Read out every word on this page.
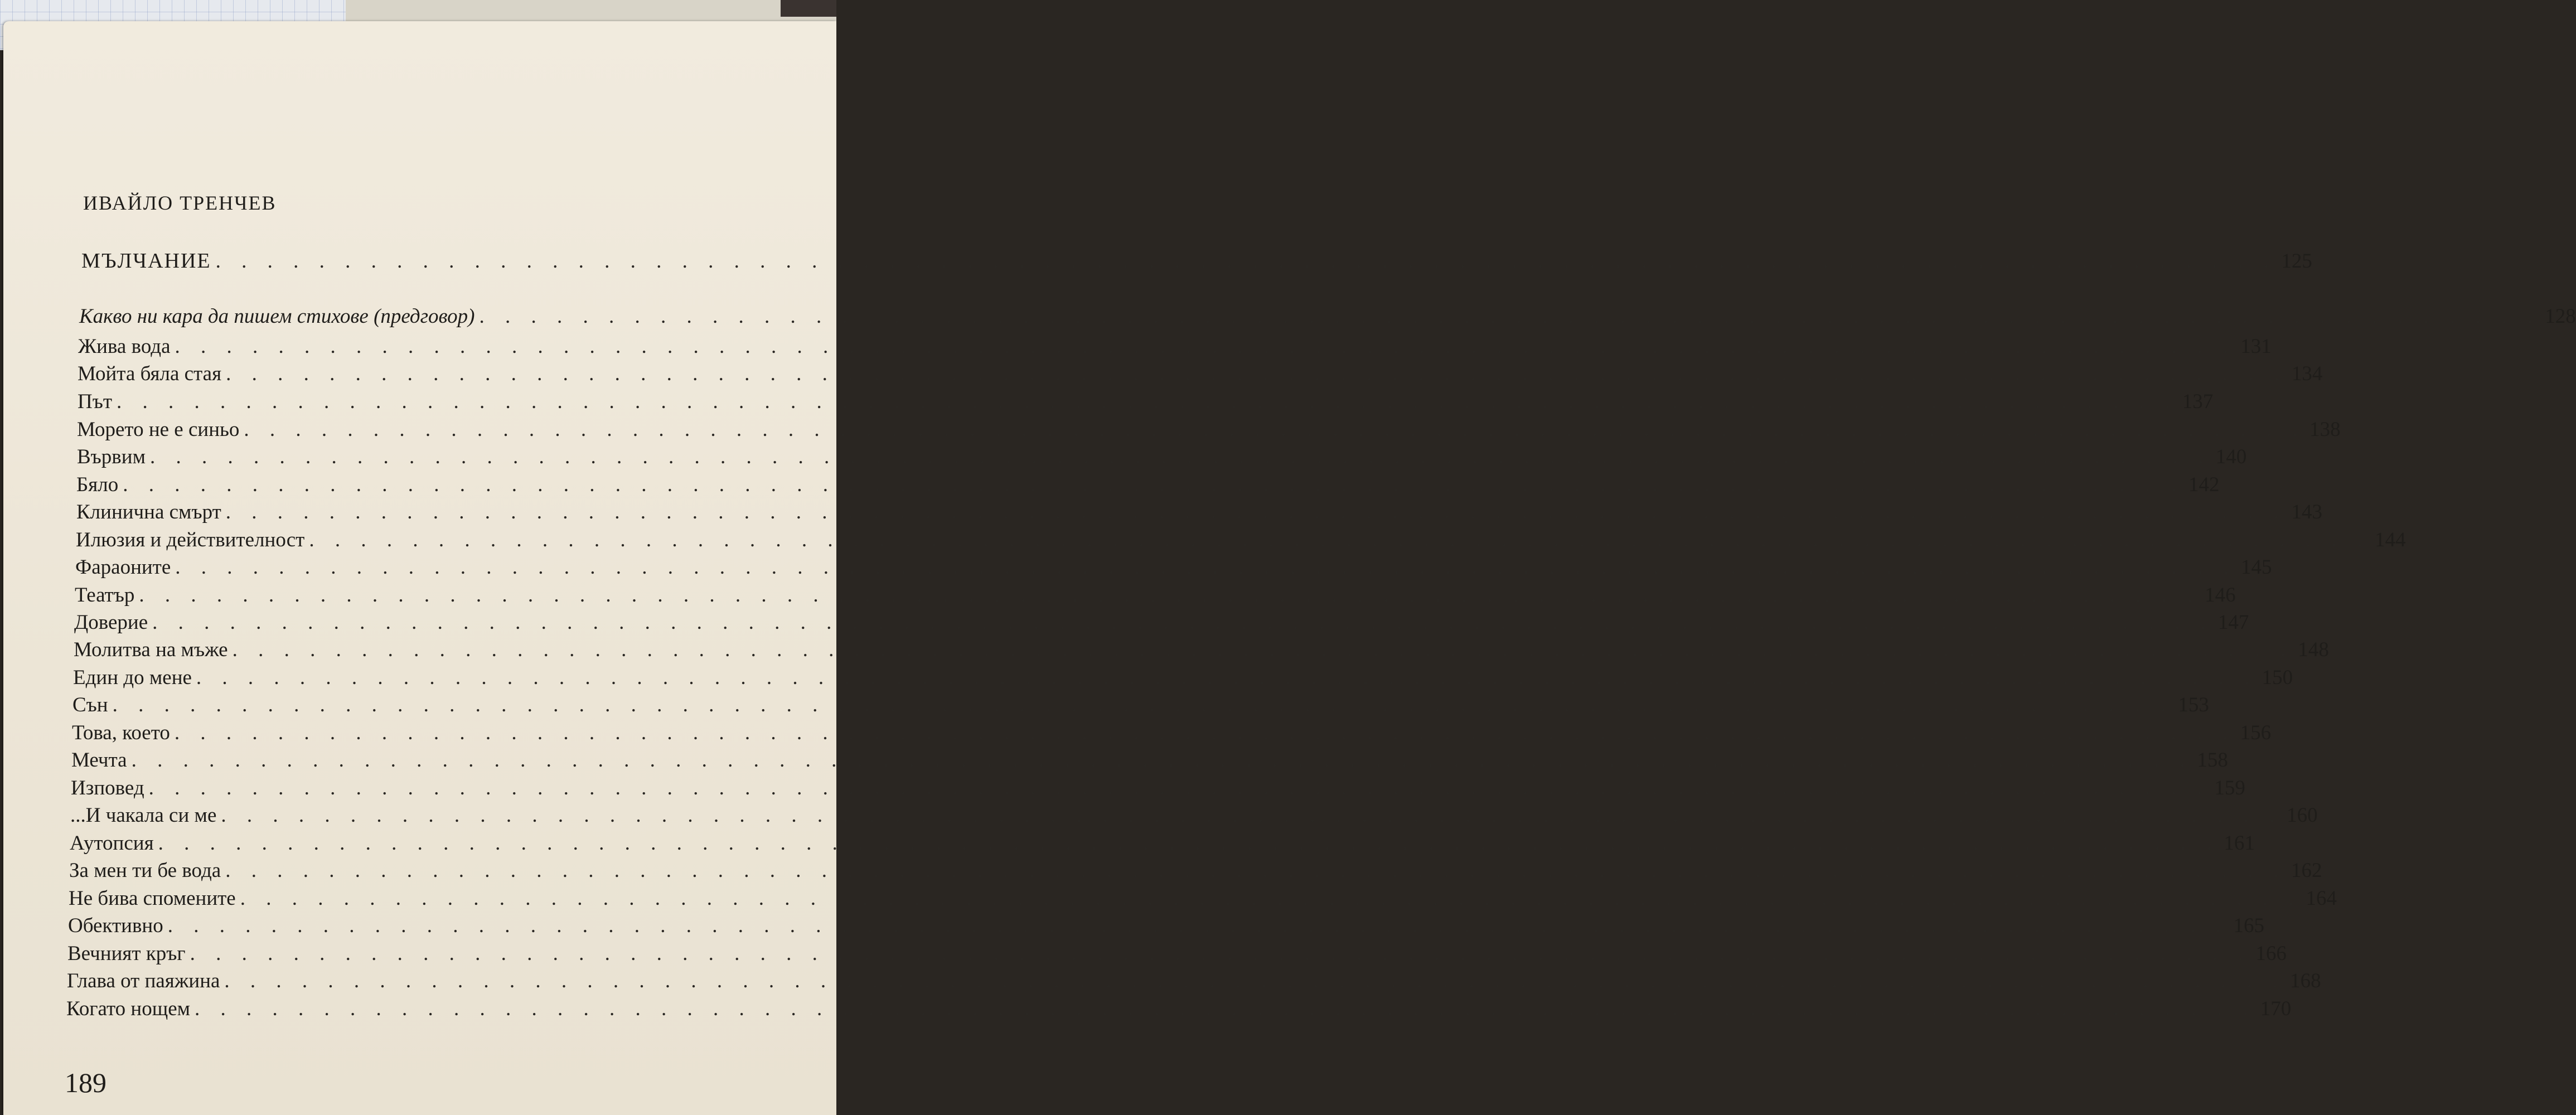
ИВАЙЛО ТРЕНЧЕВ
МЪЛЧАНИЕ . . . . . . . . . . . . . . . . . . . . . . . . . . . . . . . . . . . . . . . . . . . . . . . . . . . . . . . . . . . . . . . . . . . . . . . . . . . . . . . . 125
Какво ни кара да пишем стихове (предговор) . . . . . . . . . . . . . . . . . . . . . . . . . . . . . . . . . . . . . . . . . . . . . . . . . . . . . . . . . . . . . . . . . . . . . . . . . . . . . . . . 128
Жива вода . . . . . . . . . . . . . . . . . . . . . . . . . . . . . . . . . . . . . . . . . . . . . . . . . . . . . . . . . . . . . . . . . . . . . . . . . . . . . . . . 131
Мойта бяла стая . . . . . . . . . . . . . . . . . . . . . . . . . . . . . . . . . . . . . . . . . . . . . . . . . . . . . . . . . . . . . . . . . . . . . . . . . . . . . . . . 134
Път . . . . . . . . . . . . . . . . . . . . . . . . . . . . . . . . . . . . . . . . . . . . . . . . . . . . . . . . . . . . . . . . . . . . . . . . . . . . . . . . 137
Морето не е синьо . . . . . . . . . . . . . . . . . . . . . . . . . . . . . . . . . . . . . . . . . . . . . . . . . . . . . . . . . . . . . . . . . . . . . . . . . . . . . . . . 138
Вървим . . . . . . . . . . . . . . . . . . . . . . . . . . . . . . . . . . . . . . . . . . . . . . . . . . . . . . . . . . . . . . . . . . . . . . . . . . . . . . . . 140
Бяло . . . . . . . . . . . . . . . . . . . . . . . . . . . . . . . . . . . . . . . . . . . . . . . . . . . . . . . . . . . . . . . . . . . . . . . . . . . . . . . . 142
Клинична смърт . . . . . . . . . . . . . . . . . . . . . . . . . . . . . . . . . . . . . . . . . . . . . . . . . . . . . . . . . . . . . . . . . . . . . . . . . . . . . . . . 143
Илюзия и действителност . . . . . . . . . . . . . . . . . . . . . . . . . . . . . . . . . . . . . . . . . . . . . . . . . . . . . . . . . . . . . . . . . . . . . . . . . . . . . . . . 144
Фараоните . . . . . . . . . . . . . . . . . . . . . . . . . . . . . . . . . . . . . . . . . . . . . . . . . . . . . . . . . . . . . . . . . . . . . . . . . . . . . . . . 145
Театър . . . . . . . . . . . . . . . . . . . . . . . . . . . . . . . . . . . . . . . . . . . . . . . . . . . . . . . . . . . . . . . . . . . . . . . . . . . . . . . . 146
Доверие . . . . . . . . . . . . . . . . . . . . . . . . . . . . . . . . . . . . . . . . . . . . . . . . . . . . . . . . . . . . . . . . . . . . . . . . . . . . . . . . 147
Молитва на мъже . . . . . . . . . . . . . . . . . . . . . . . . . . . . . . . . . . . . . . . . . . . . . . . . . . . . . . . . . . . . . . . . . . . . . . . . . . . . . . . . 148
Един до мене . . . . . . . . . . . . . . . . . . . . . . . . . . . . . . . . . . . . . . . . . . . . . . . . . . . . . . . . . . . . . . . . . . . . . . . . . . . . . . . . 150
Сън . . . . . . . . . . . . . . . . . . . . . . . . . . . . . . . . . . . . . . . . . . . . . . . . . . . . . . . . . . . . . . . . . . . . . . . . . . . . . . . . 153
Това, което . . . . . . . . . . . . . . . . . . . . . . . . . . . . . . . . . . . . . . . . . . . . . . . . . . . . . . . . . . . . . . . . . . . . . . . . . . . . . . . . 156
Мечта . . . . . . . . . . . . . . . . . . . . . . . . . . . . . . . . . . . . . . . . . . . . . . . . . . . . . . . . . . . . . . . . . . . . . . . . . . . . . . . . 158
Изповед . . . . . . . . . . . . . . . . . . . . . . . . . . . . . . . . . . . . . . . . . . . . . . . . . . . . . . . . . . . . . . . . . . . . . . . . . . . . . . . . 159
...И чакала си ме . . . . . . . . . . . . . . . . . . . . . . . . . . . . . . . . . . . . . . . . . . . . . . . . . . . . . . . . . . . . . . . . . . . . . . . . . . . . . . . . 160
Аутопсия . . . . . . . . . . . . . . . . . . . . . . . . . . . . . . . . . . . . . . . . . . . . . . . . . . . . . . . . . . . . . . . . . . . . . . . . . . . . . . . . 161
За мен ти бе вода . . . . . . . . . . . . . . . . . . . . . . . . . . . . . . . . . . . . . . . . . . . . . . . . . . . . . . . . . . . . . . . . . . . . . . . . . . . . . . . . 162
Не бива спомените . . . . . . . . . . . . . . . . . . . . . . . . . . . . . . . . . . . . . . . . . . . . . . . . . . . . . . . . . . . . . . . . . . . . . . . . . . . . . . . . 164
Обективно . . . . . . . . . . . . . . . . . . . . . . . . . . . . . . . . . . . . . . . . . . . . . . . . . . . . . . . . . . . . . . . . . . . . . . . . . . . . . . . . 165
Вечният кръг . . . . . . . . . . . . . . . . . . . . . . . . . . . . . . . . . . . . . . . . . . . . . . . . . . . . . . . . . . . . . . . . . . . . . . . . . . . . . . . . 166
Глава от паяжина . . . . . . . . . . . . . . . . . . . . . . . . . . . . . . . . . . . . . . . . . . . . . . . . . . . . . . . . . . . . . . . . . . . . . . . . . . . . . . . . 168
Когато нощем . . . . . . . . . . . . . . . . . . . . . . . . . . . . . . . . . . . . . . . . . . . . . . . . . . . . . . . . . . . . . . . . . . . . . . . . . . . . . . . . 170
189
